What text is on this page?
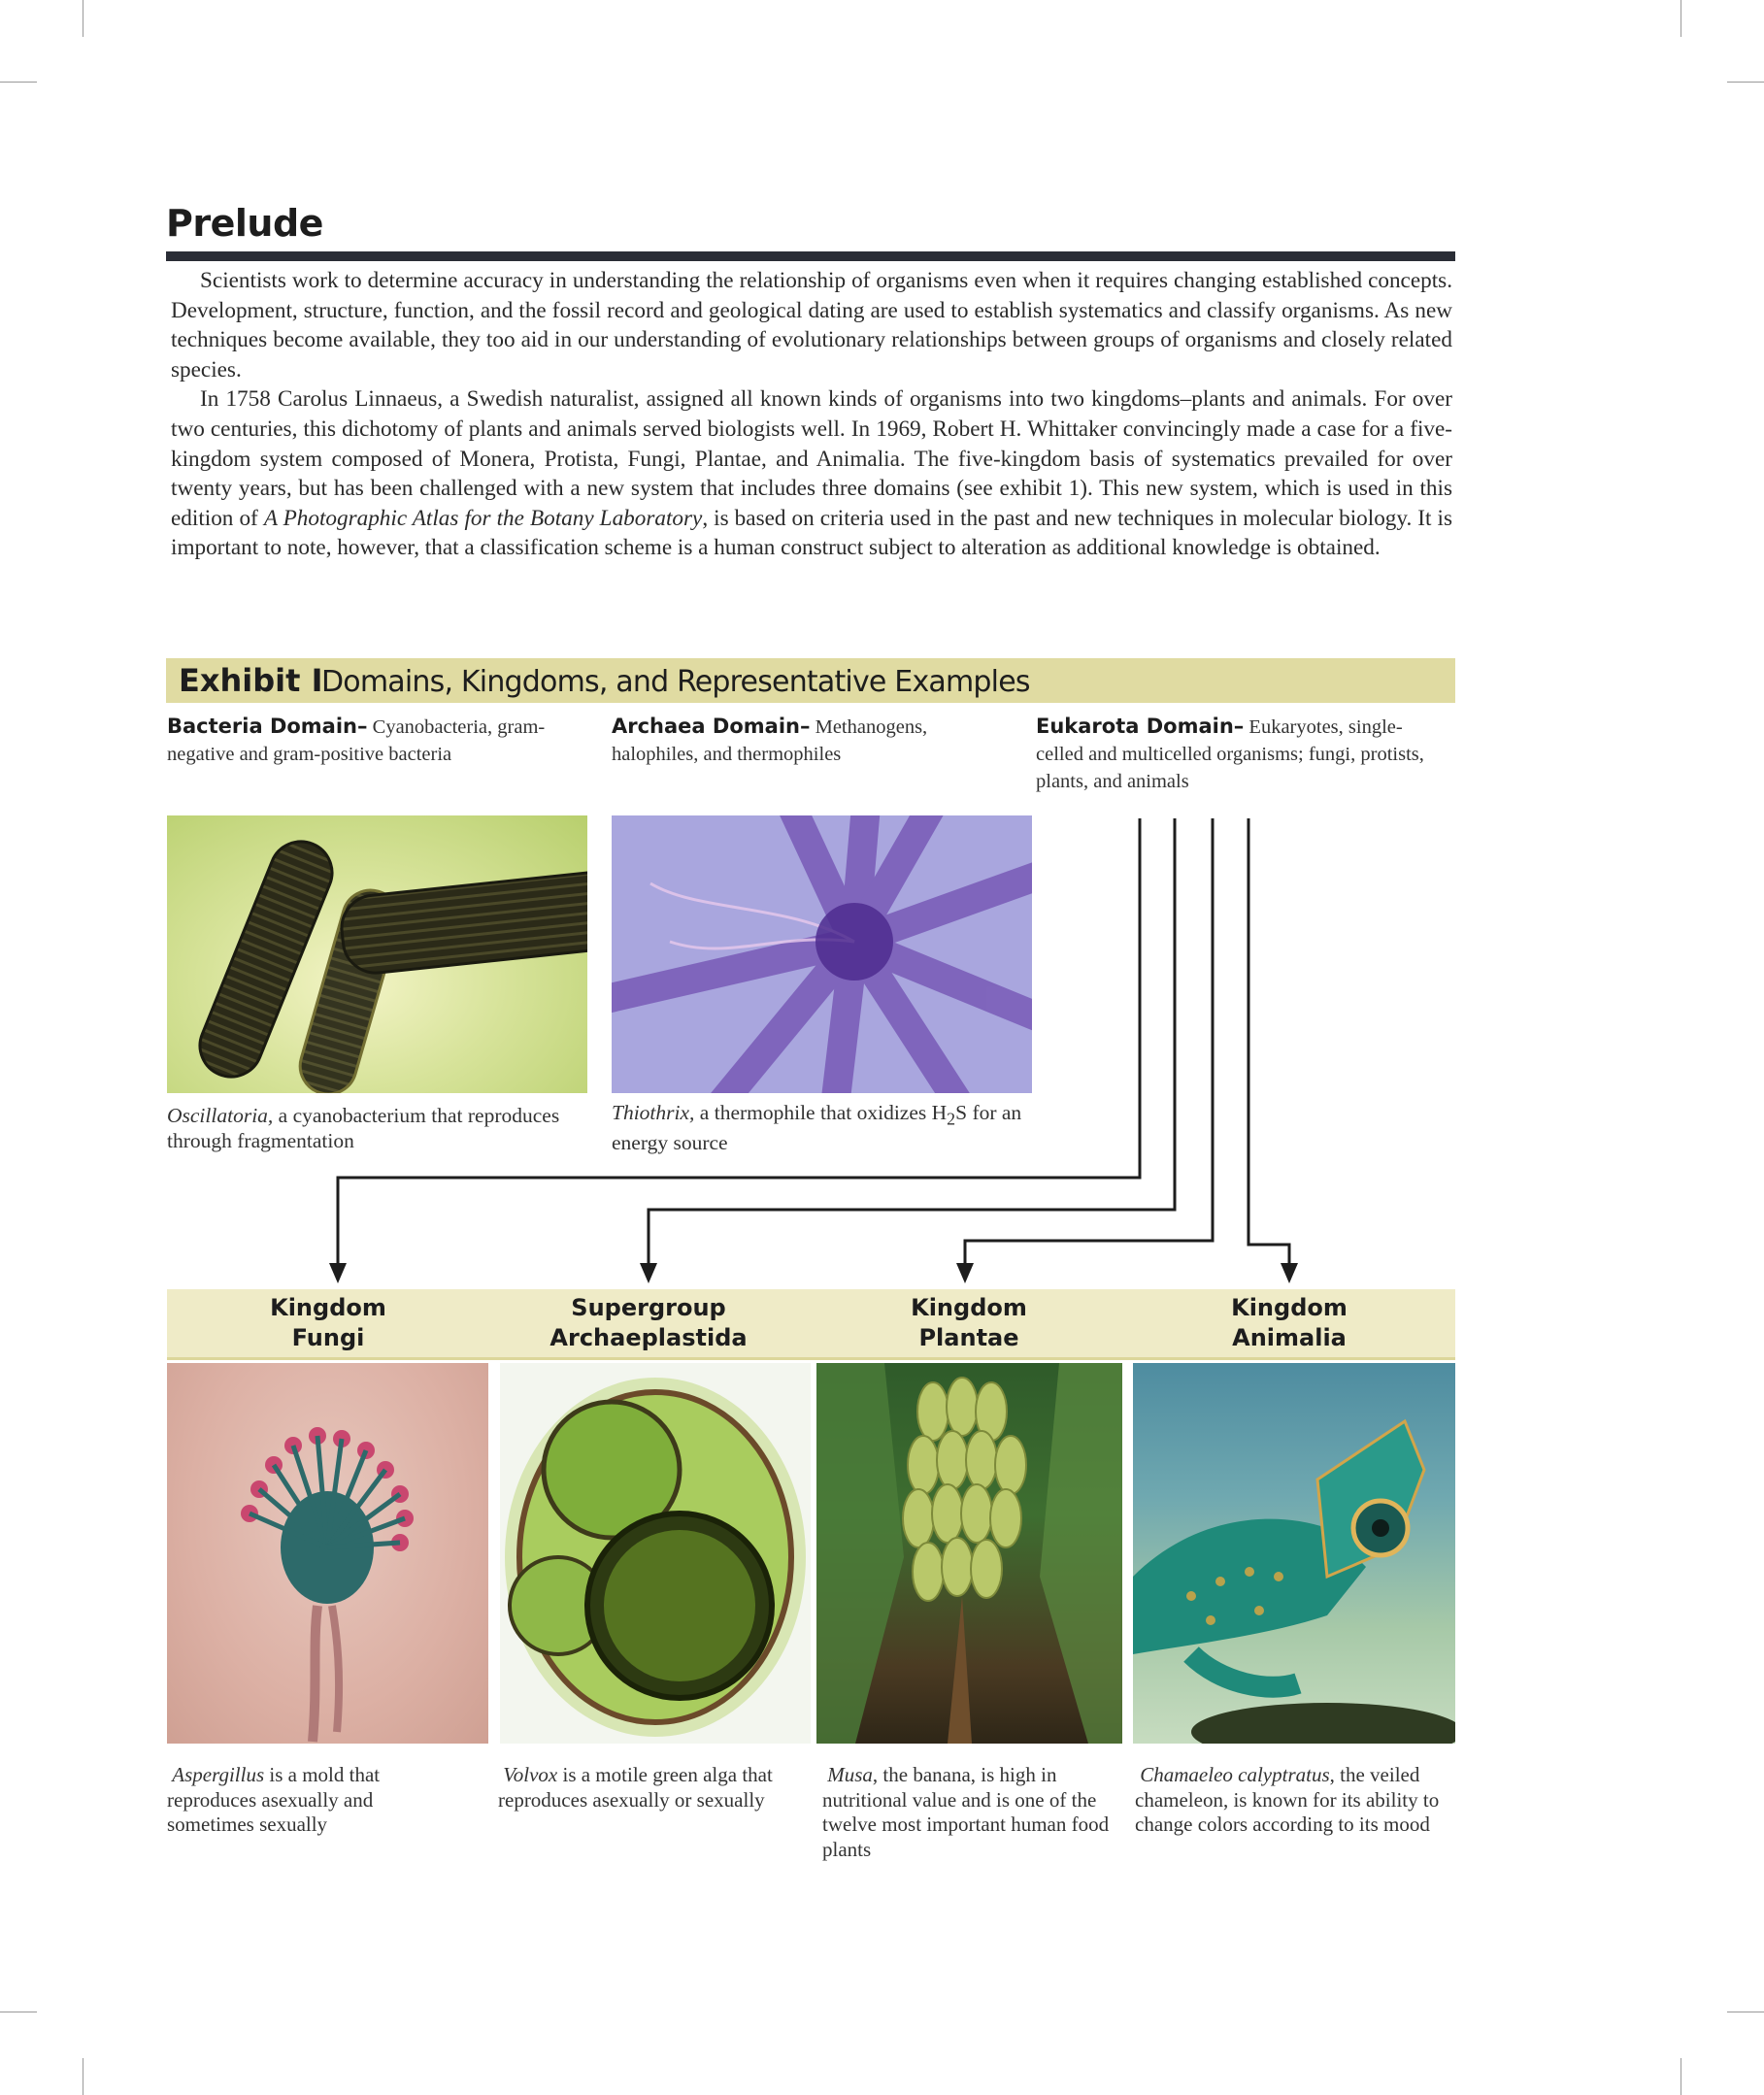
Prelude

Scientists work to determine accuracy in understanding the relationship of organisms even when it requires changing established concepts. Development, structure, function, and the fossil record and geological dating are used to establish systematics and classify organisms. As new techniques become available, they too aid in our understanding of evolutionary relationships between groups of organisms and closely related species.

In 1758 Carolus Linnaeus, a Swedish naturalist, assigned all known kinds of organisms into two kingdoms–plants and animals. For over two centuries, this dichotomy of plants and animals served biologists well. In 1969, Robert H. Whittaker convincingly made a case for a five-kingdom system composed of Monera, Protista, Fungi, Plantae, and Animalia. The five-kingdom basis of systematics prevailed for over twenty years, but has been challenged with a new system that includes three domains (see exhibit 1). This new system, which is used in this edition of A Photographic Atlas for the Botany Laboratory, is based on criteria used in the past and new techniques in molecular biology. It is important to note, however, that a classification scheme is a human construct subject to alteration as additional knowledge is obtained.

Exhibit I
Domains, Kingdoms, and Representative Examples
Bacteria Domain– Cyanobacteria, gram-negative and gram-positive bacteria
Archaea Domain– Methanogens, halophiles, and thermophiles
Eukarota Domain– Eukaryotes, single-celled and multicelled organisms; fungi, protists, plants, and animals
Oscillatoria, a cyanobacterium that reproduces through fragmentation
Thiothrix, a thermophile that oxidizes $H_2S$ for an energy source
Kingdom
Fungi
Supergroup
Archaeplastida
Kingdom
Plantae
Kingdom
Animalia
Aspergillus is a mold that reproduces asexually and sometimes sexually
Volvox is a motile green alga that reproduces asexually or sexually
Musa, the banana, is high in nutritional value and is one of the twelve most important human food plants
Chamaeleo calyptratus, the veiled chameleon, is known for its ability to change colors according to its mood
